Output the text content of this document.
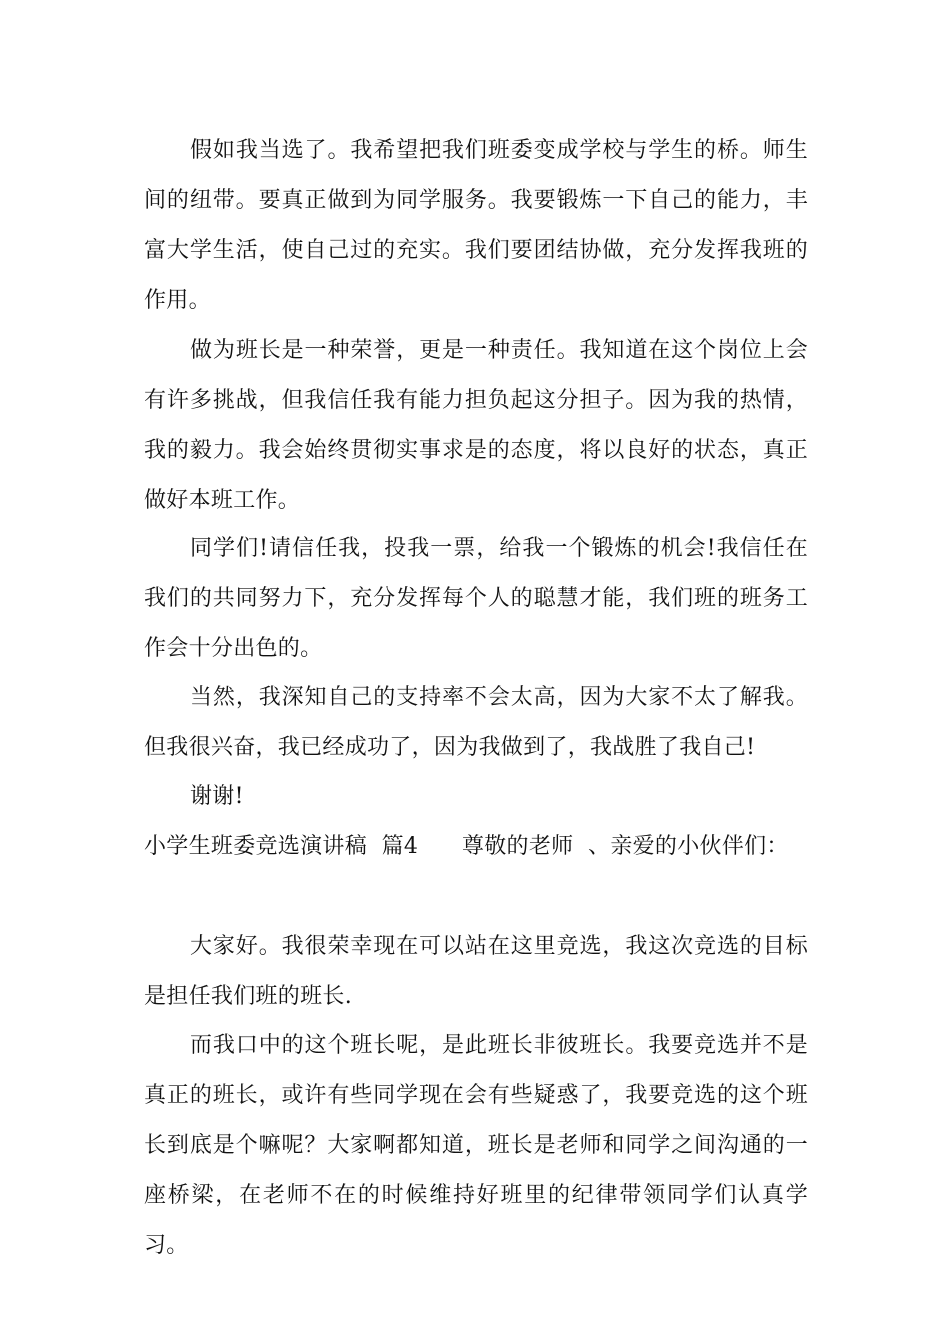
假如我当选了。我希望把我们班委变成学校与学生的桥。师生间的纽带。要真正做到为同学服务。我要锻炼一下自己的能力，丰富大学生活，使自己过的充实。我们要团结协做，充分发挥我班的作用。

做为班长是一种荣誉，更是一种责任。我知道在这个岗位上会有许多挑战，但我信任我有能力担负起这分担子。因为我的热情，我的毅力。我会始终贯彻实事求是的态度，将以良好的状态，真正做好本班工作。

同学们!请信任我，投我一票，给我一个锻炼的机会!我信任在我们的共同努力下，充分发挥每个人的聪慧才能，我们班的班务工作会十分出色的。

当然，我深知自己的支持率不会太高，因为大家不太了解我。但我很兴奋，我已经成功了，因为我做到了，我战胜了我自己!

谢谢!

小学生班委竞选演讲稿  篇4      尊敬的老师  、亲爱的小伙伴们：

大家好。我很荣幸现在可以站在这里竞选，我这次竞选的目标是担任我们班的班长.

而我口中的这个班长呢，是此班长非彼班长。我要竞选并不是真正的班长，或许有些同学现在会有些疑惑了，我要竞选的这个班长到底是个嘛呢？大家啊都知道，班长是老师和同学之间沟通的一座桥梁，在老师不在的时候维持好班里的纪律带领同学们认真学习。
